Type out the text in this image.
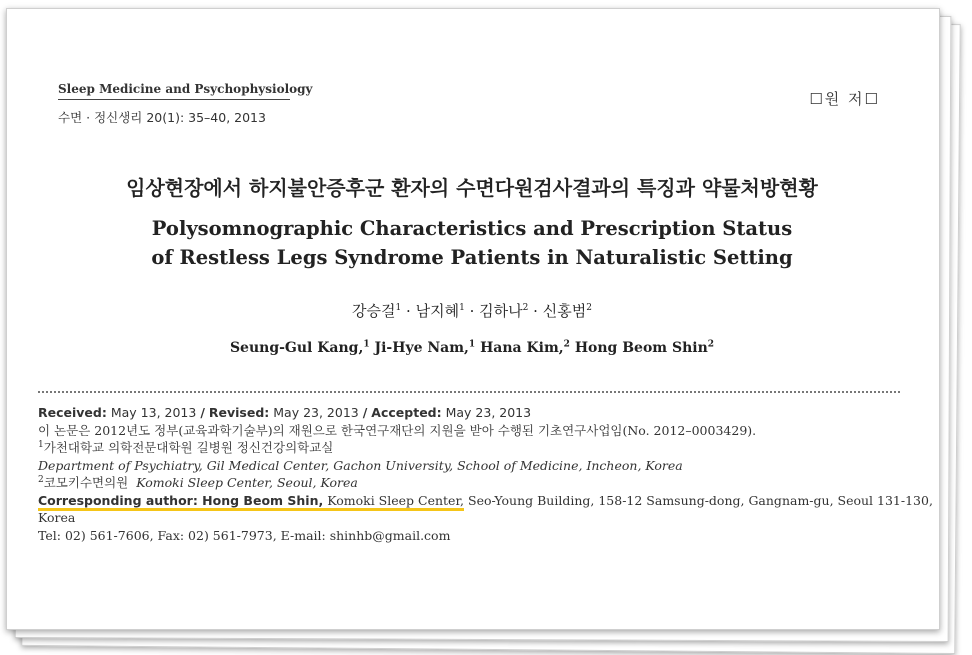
Sleep Medicine and Psychophysiology
수면 · 정신생리 20(1): 35–40, 2013
☐원 저☐
임상현장에서 하지불안증후군 환자의 수면다원검사결과의 특징과 약물처방현황
Polysomnographic Characteristics and Prescription Status
of Restless Legs Syndrome Patients in Naturalistic Setting
강승걸$^1$ · 남지혜$^1$ · 김하나$^2$ · 신홍범$^2$
Seung-Gul Kang,$^1$ Ji-Hye Nam,$^1$ Hana Kim,$^2$ Hong Beom Shin$^2$
Received: May 13, 2013 / Revised: May 23, 2013 / Accepted: May 23, 2013
이 논문은 2012년도 정부(교육과학기술부)의 재원으로 한국연구재단의 지원을 받아 수행된 기초연구사업임(No. 2012–0003429).
$^1$가천대학교 의학전문대학원 길병원 정신건강의학교실
Department of Psychiatry, Gil Medical Center, Gachon University, School of Medicine, Incheon, Korea
$^2$코모키수면의원 Komoki Sleep Center, Seoul, Korea
Corresponding author: Hong Beom Shin, Komoki Sleep Center, Seo-Young Building, 158-12 Samsung-dong, Gangnam-gu, Seoul 131-130,
Korea
Tel: 02) 561-7606, Fax: 02) 561-7973, E-mail: shinhb@gmail.com
